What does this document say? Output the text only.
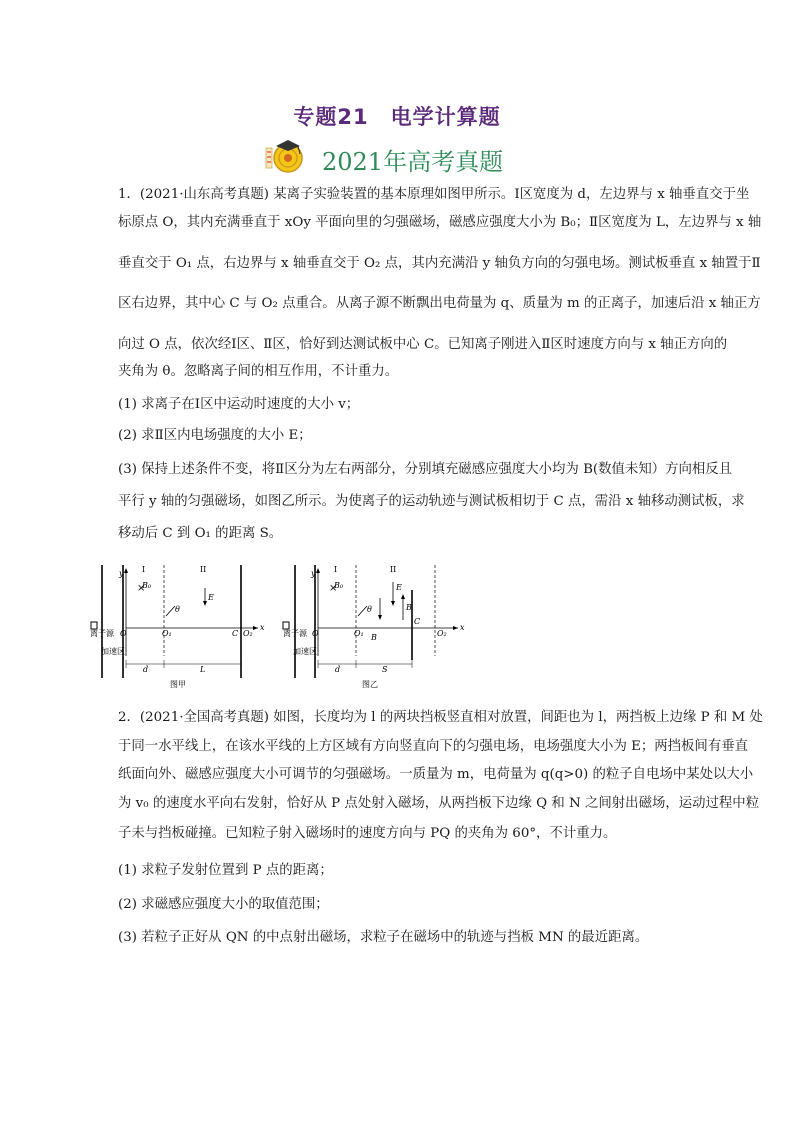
专题21　电学计算题
2021年高考真题
1．(2021·山东高考真题) 某离子实验装置的基本原理如图甲所示。Ⅰ区宽度为 d，左边界与 x 轴垂直交于坐
标原点 O，其内充满垂直于 xOy 平面向里的匀强磁场，磁感应强度大小为 B₀；Ⅱ区宽度为 L，左边界与 x 轴
垂直交于 O₁ 点，右边界与 x 轴垂直交于 O₂ 点，其内充满沿 y 轴负方向的匀强电场。测试板垂直 x 轴置于Ⅱ
区右边界，其中心 C 与 O₂ 点重合。从离子源不断飘出电荷量为 q、质量为 m 的正离子，加速后沿 x 轴正方
向过 O 点，依次经Ⅰ区、Ⅱ区，恰好到达测试板中心 C。已知离子刚进入Ⅱ区时速度方向与 x 轴正方向的
夹角为 θ。忽略离子间的相互作用，不计重力。
(1) 求离子在Ⅰ区中运动时速度的大小 v；
(2) 求Ⅱ区内电场强度的大小 E；
(3) 保持上述条件不变，将Ⅱ区分为左右两部分，分别填充磁感应强度大小均为 B(数值未知）方向相反且
平行 y 轴的匀强磁场，如图乙所示。为使离子的运动轨迹与测试板相切于 C 点，需沿 x 轴移动测试板，求
移动后 C 到 O₁ 的距离 S。
离子源
加速区
I	II
y
x
B₀
×
E
θ
O	O₁	C O₂
d	L
图甲
离子源
加速区
I	II
y
x
B₀
×	E
B
B
θ
O	O₁
C
O₂
d	S
图乙
2．(2021·全国高考真题) 如图，长度均为 l 的两块挡板竖直相对放置，间距也为 l，两挡板上边缘 P 和 M 处
于同一水平线上，在该水平线的上方区域有方向竖直向下的匀强电场，电场强度大小为 E；两挡板间有垂直
纸面向外、磁感应强度大小可调节的匀强磁场。一质量为 m，电荷量为 q(q>0) 的粒子自电场中某处以大小
为 v₀ 的速度水平向右发射，恰好从 P 点处射入磁场，从两挡板下边缘 Q 和 N 之间射出磁场，运动过程中粒
子未与挡板碰撞。已知粒子射入磁场时的速度方向与 PQ 的夹角为 60°，不计重力。
(1) 求粒子发射位置到 P 点的距离；
(2) 求磁感应强度大小的取值范围；
(3) 若粒子正好从 QN 的中点射出磁场，求粒子在磁场中的轨迹与挡板 MN 的最近距离。
